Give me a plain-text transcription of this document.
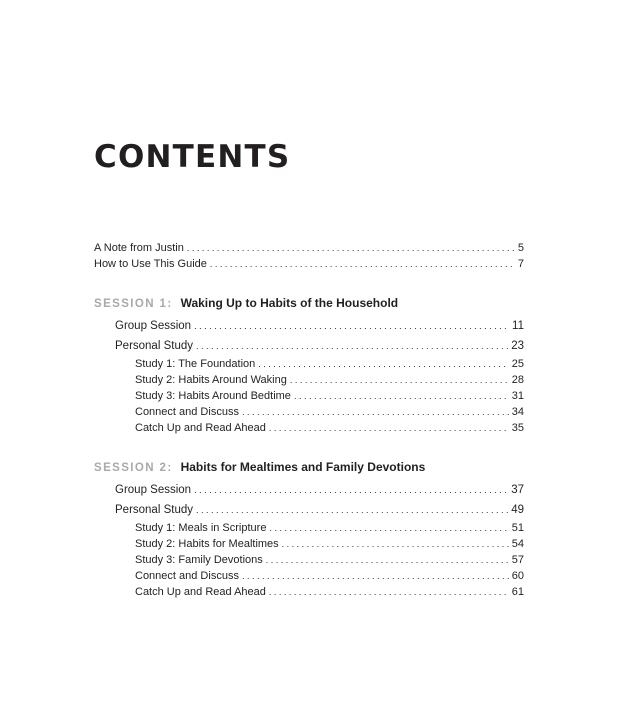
CONTENTS
A Note from Justin . . .	5
How to Use This Guide . . .	7
SESSION 1: Waking Up to Habits of the Household
Group Session . . .	11
Personal Study . . .	23
Study 1: The Foundation . . .	25
Study 2: Habits Around Waking . . .	28
Study 3: Habits Around Bedtime . . .	31
Connect and Discuss . . .	34
Catch Up and Read Ahead . . .	35
SESSION 2: Habits for Mealtimes and Family Devotions
Group Session . . .	37
Personal Study . . .	49
Study 1: Meals in Scripture . . .	51
Study 2: Habits for Mealtimes . . .	54
Study 3: Family Devotions . . .	57
Connect and Discuss . . .	60
Catch Up and Read Ahead . . .	61
